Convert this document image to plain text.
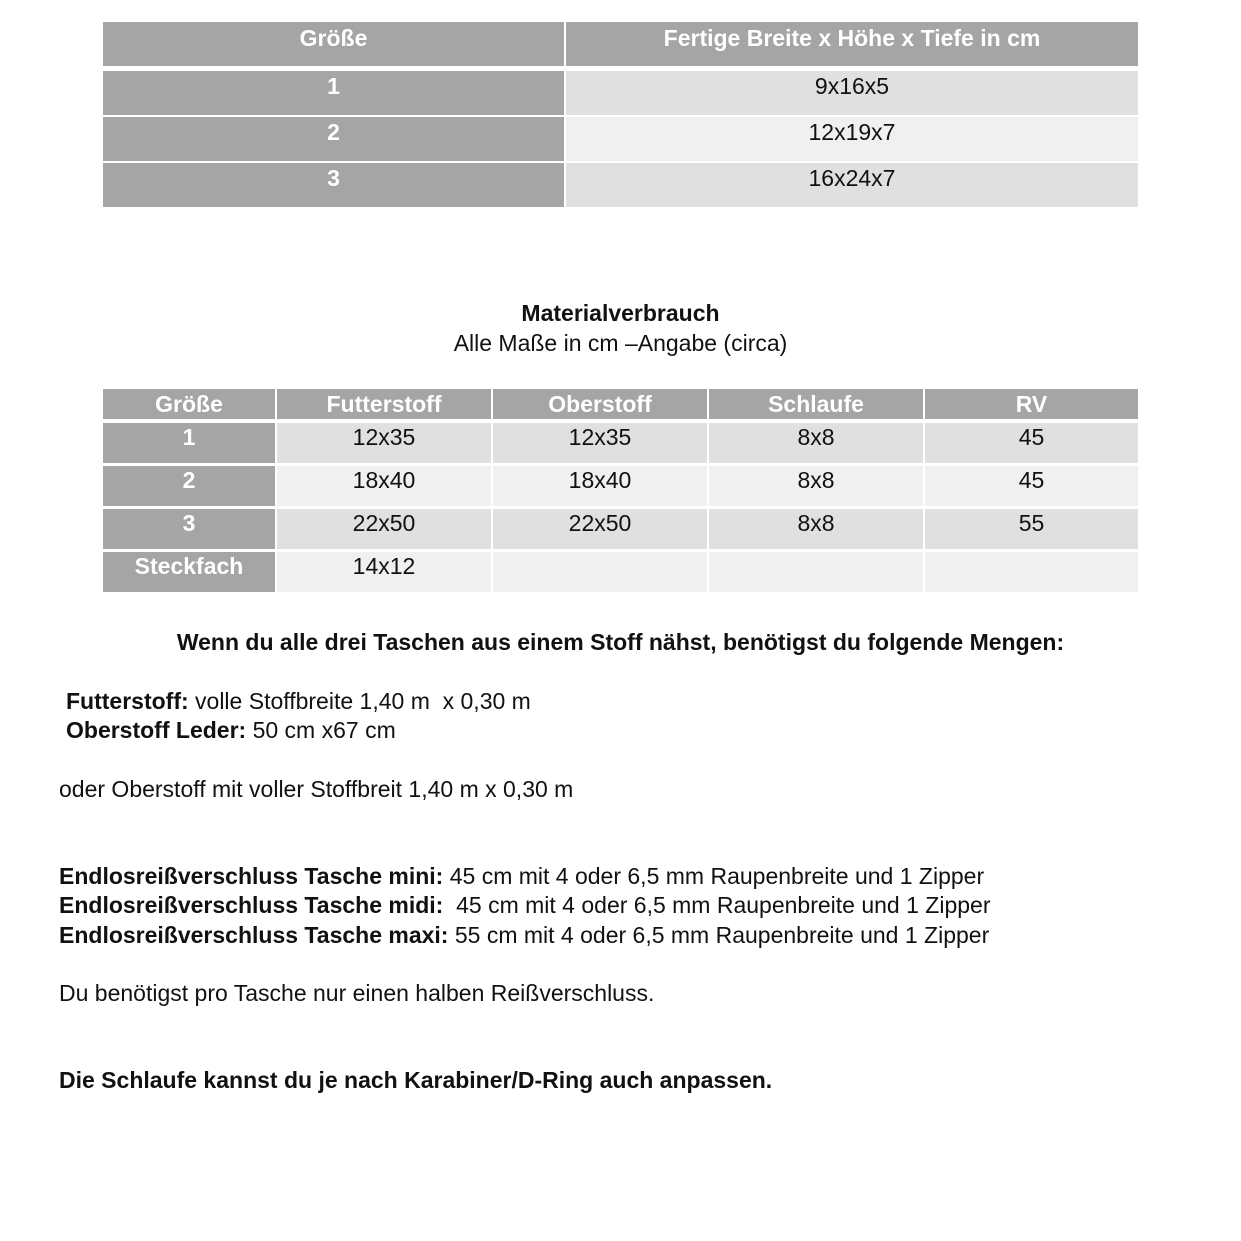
Größe	Fertige Breite x Höhe x Tiefe in cm
1	9x16x5
2	12x19x7
3	16x24x7
Materialverbrauch
Alle Maße in cm –Angabe (circa)
Größe	Futterstoff	Oberstoff	Schlaufe	RV
1	12x35	12x35	8x8	45
2	18x40	18x40	8x8	45
3	22x50	22x50	8x8	55
Steckfach	14x12			
Wenn du alle drei Taschen aus einem Stoff nähst, benötigst du folgende Mengen:
Futterstoff: volle Stoffbreite 1,40 m  x 0,30 m
Oberstoff Leder: 50 cm x67 cm
oder Oberstoff mit voller Stoffbreit 1,40 m x 0,30 m
Endlosreißverschluss Tasche mini: 45 cm mit 4 oder 6,5 mm Raupenbreite und 1 Zipper
Endlosreißverschluss Tasche midi:  45 cm mit 4 oder 6,5 mm Raupenbreite und 1 Zipper
Endlosreißverschluss Tasche maxi: 55 cm mit 4 oder 6,5 mm Raupenbreite und 1 Zipper
Du benötigst pro Tasche nur einen halben Reißverschluss.
Die Schlaufe kannst du je nach Karabiner/D-Ring auch anpassen.
